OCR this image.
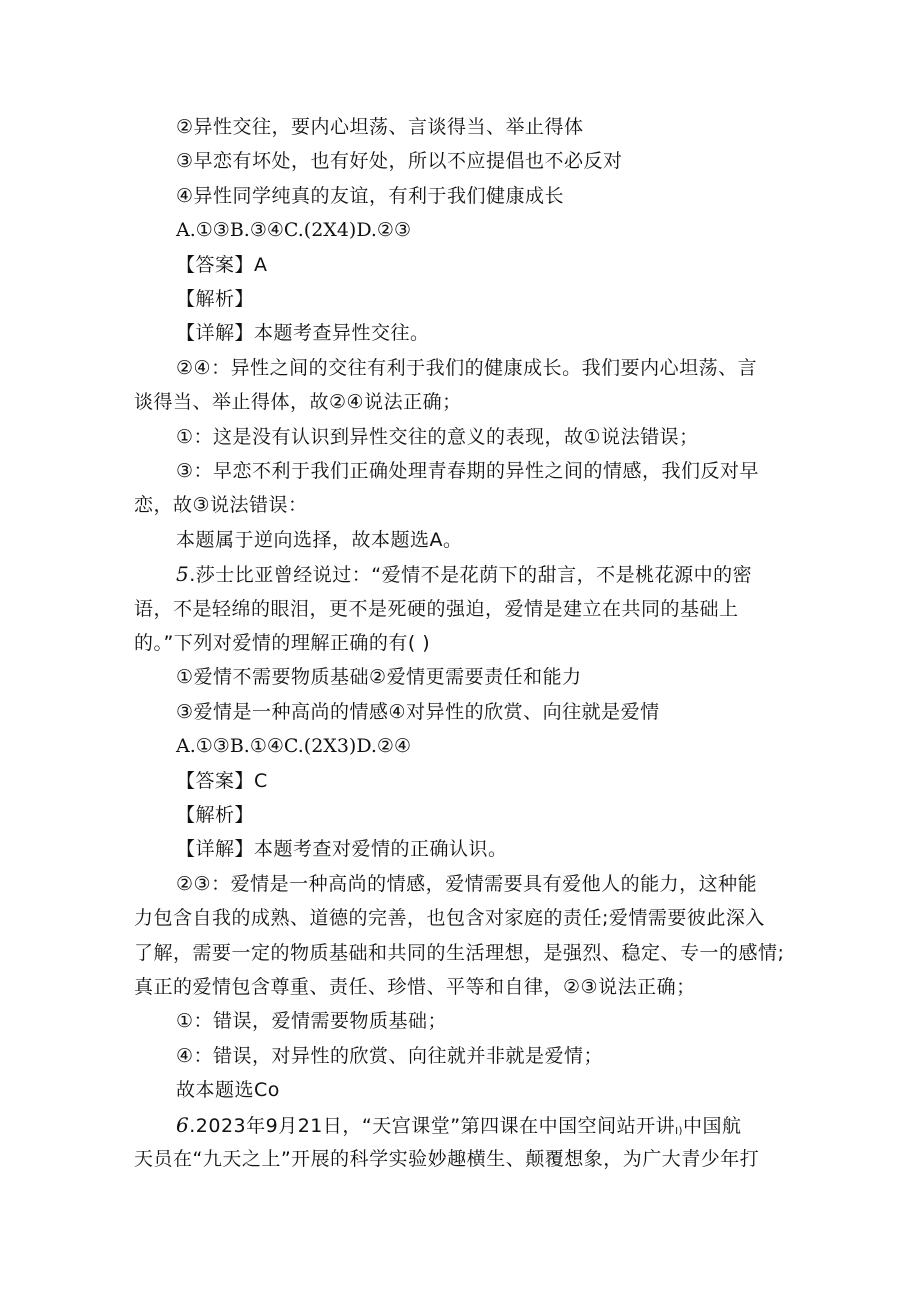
②异性交往，要内心坦荡、言谈得当、举止得体
③早恋有坏处，也有好处，所以不应提倡也不必反对
④异性同学纯真的友谊，有利于我们健康成长
A.①③B.③④C.(2X4)D.②③
【答案】A
【解析】
【详解】本题考查异性交往。
②④：异性之间的交往有利于我们的健康成长。我们要内心坦荡、言
谈得当、举止得体，故②④说法正确；
①：这是没有认识到异性交往的意义的表现，故①说法错误；
③：早恋不利于我们正确处理青春期的异性之间的情感，我们反对早
恋，故③说法错误：
本题属于逆向选择，故本题选A。
5.莎士比亚曾经说过：“爱情不是花荫下的甜言，不是桃花源中的密
语，不是轻绵的眼泪，更不是死硬的强迫，爱情是建立在共同的基础上
的。”下列对爱情的理解正确的有( )
①爱情不需要物质基础②爱情更需要责任和能力
③爱情是一种高尚的情感④对异性的欣赏、向往就是爱情
A.①③B.①④C.(2X3)D.②④
【答案】C
【解析】
【详解】本题考查对爱情的正确认识。
②③：爱情是一种高尚的情感，爱情需要具有爱他人的能力，这种能
力包含自我的成熟、道德的完善，也包含对家庭的责任;爱情需要彼此深入
了解，需要一定的物质基础和共同的生活理想，是强烈、稳定、专一的感情;
真正的爱情包含尊重、责任、珍惜、平等和自律，②③说法正确；
①：错误，爱情需要物质基础；
④：错误，对异性的欣赏、向往就并非就是爱情；
故本题选Co
6.2023年9月21日，“天宫课堂”第四课在中国空间站开讲I)中国航
天员在“九天之上”开展的科学实验妙趣横生、颠覆想象，为广大青少年打
